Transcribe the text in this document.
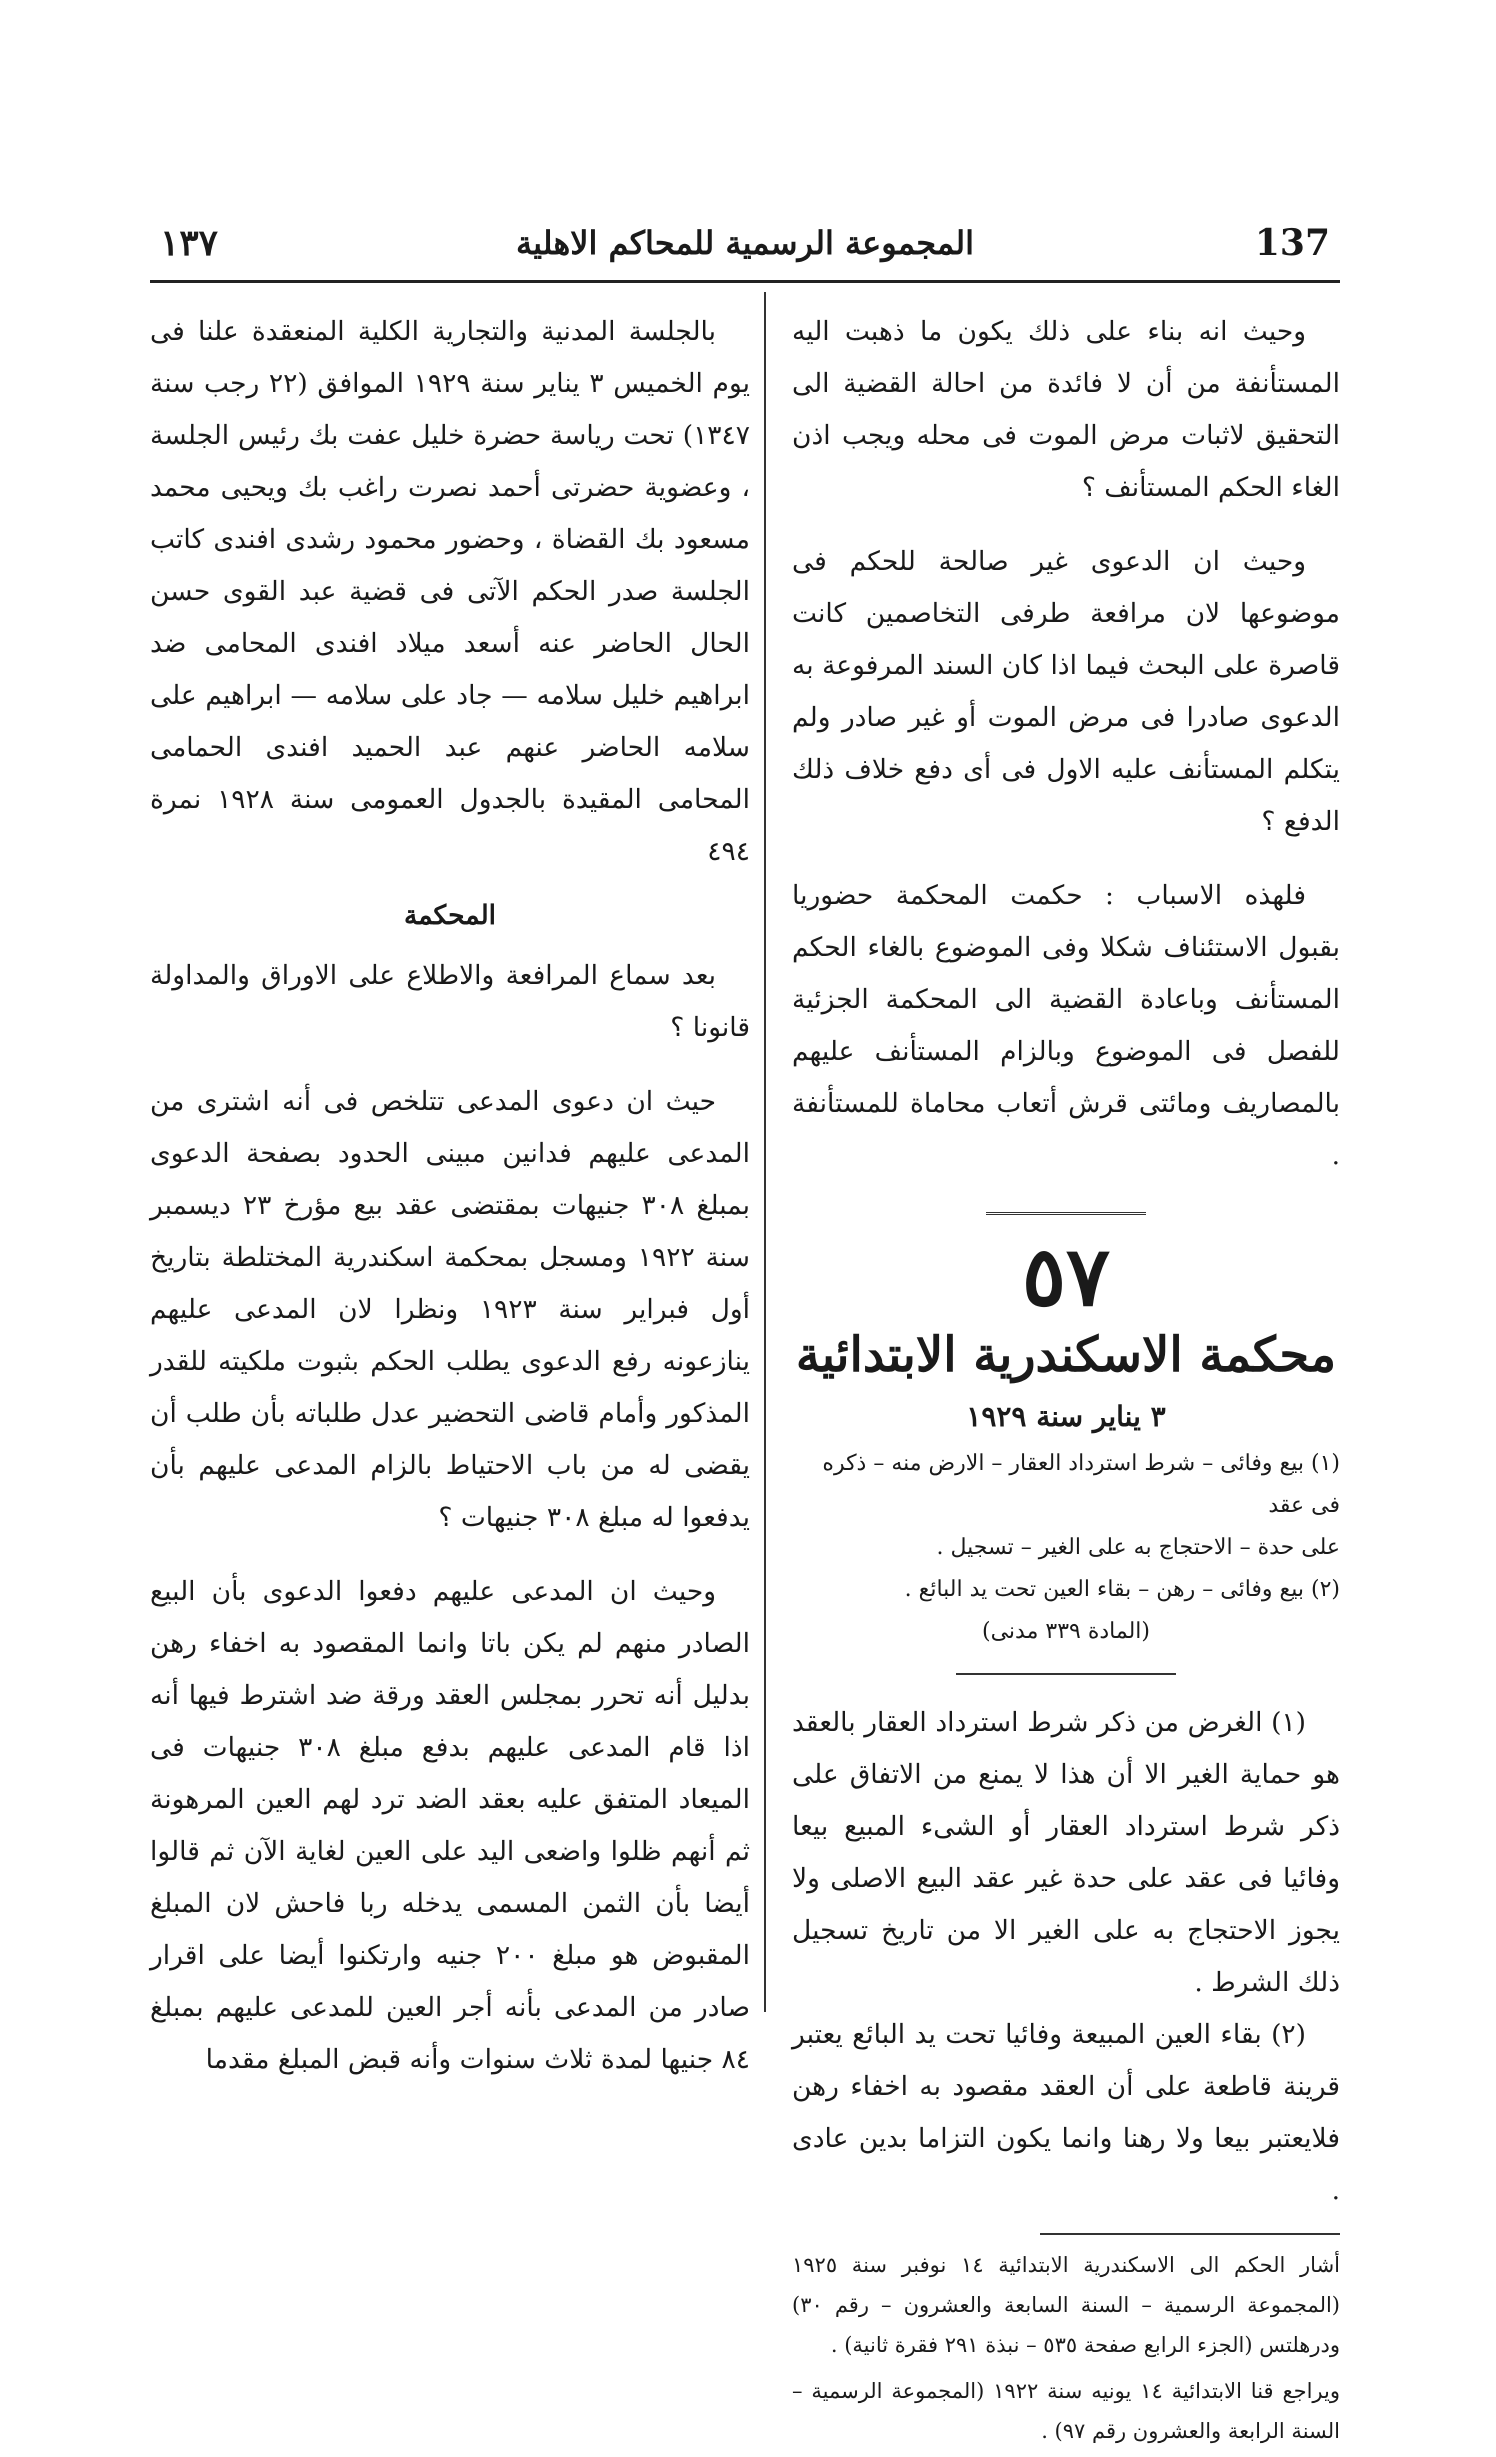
١٣٧	المجموعة الرسمية للمحاكم الاهلية	137

وحيث انه بناء على ذلك يكون ما ذهبت اليه المستأنفة من أن لا فائدة من احالة القضية الى التحقيق لاثبات مرض الموت فى محله ويجب اذن الغاء الحكم المستأنف ؟

وحيث ان الدعوى غير صالحة للحكم فى موضوعها لان مرافعة طرفى التخاصمين كانت قاصرة على البحث فيما اذا كان السند المرفوعة به الدعوى صادرا فى مرض الموت أو غير صادر ولم يتكلم المستأنف عليه الاول فى أى دفع خلاف ذلك الدفع ؟

فلهذه الاسباب : حكمت المحكمة حضوريا بقبول الاستئناف شكلا وفى الموضوع بالغاء الحكم المستأنف وباعادة القضية الى المحكمة الجزئية للفصل فى الموضوع وبالزام المستأنف عليهم بالمصاريف ومائتى قرش أتعاب محاماة للمستأنفة .

٥٧

محكمة الاسكندرية الابتدائية

٣ يناير سنة ١٩٢٩

(١) بيع وفائى – شرط استرداد العقار – الارض منه – ذكره فى عقد

على حدة – الاحتجاج به على الغير – تسجيل .

(٢) بيع وفائى – رهن – بقاء العين تحت يد البائع .

(المادة ٣٣٩ مدنى)

(١) الغرض من ذكر شرط استرداد العقار بالعقد هو حماية الغير الا أن هذا لا يمنع من الاتفاق على ذكر شرط استرداد العقار أو الشىء المبيع بيعا وفائيا فى عقد على حدة غير عقد البيع الاصلى ولا يجوز الاحتجاج به على الغير الا من تاريخ تسجيل ذلك الشرط .

(٢) بقاء العين المبيعة وفائيا تحت يد البائع يعتبر قرينة قاطعة على أن العقد مقصود به اخفاء رهن فلايعتبر بيعا ولا رهنا وانما يكون التزاما بدين عادى .

أشار الحكم الى الاسكندرية الابتدائية ١٤ نوفبر سنة ١٩٢٥ (المجموعة الرسمية – السنة السابعة والعشرون – رقم ٣٠) ودرهلتس (الجزء الرابع صفحة ٥٣٥ – نبذة ٢٩١ فقرة ثانية) .

ويراجع قنا الابتدائية ١٤ يونيه سنة ١٩٢٢ (المجموعة الرسمية – السنة الرابعة والعشرون رقم ٩٧) .

بالجلسة المدنية والتجارية الكلية المنعقدة علنا فى يوم الخميس ٣ يناير سنة ١٩٢٩ الموافق (٢٢ رجب سنة ١٣٤٧) تحت رياسة حضرة خليل عفت بك رئيس الجلسة ، وعضوية حضرتى أحمد نصرت راغب بك ويحيى محمد مسعود بك القضاة ، وحضور محمود رشدى افندى كاتب الجلسة صدر الحكم الآتى فى قضية عبد القوى حسن الحال الحاضر عنه أسعد ميلاد افندى المحامى ضد ابراهيم خليل سلامه — جاد على سلامه — ابراهيم على سلامه الحاضر عنهم عبد الحميد افندى الحمامى المحامى المقيدة بالجدول العمومى سنة ١٩٢٨ نمرة ٤٩٤

المحكمة

بعد سماع المرافعة والاطلاع على الاوراق والمداولة قانونا ؟

حيث ان دعوى المدعى تتلخص فى أنه اشترى من المدعى عليهم فدانين مبينى الحدود بصفحة الدعوى بمبلغ ٣٠٨ جنيهات بمقتضى عقد بيع مؤرخ ٢٣ ديسمبر سنة ١٩٢٢ ومسجل بمحكمة اسكندرية المختلطة بتاريخ أول فبراير سنة ١٩٢٣ ونظرا لان المدعى عليهم ينازعونه رفع الدعوى يطلب الحكم بثبوت ملكيته للقدر المذكور وأمام قاضى التحضير عدل طلباته بأن طلب أن يقضى له من باب الاحتياط بالزام المدعى عليهم بأن يدفعوا له مبلغ ٣٠٨ جنيهات ؟

وحيث ان المدعى عليهم دفعوا الدعوى بأن البيع الصادر منهم لم يكن باتا وانما المقصود به اخفاء رهن بدليل أنه تحرر بمجلس العقد ورقة ضد اشترط فيها أنه اذا قام المدعى عليهم بدفع مبلغ ٣٠٨ جنيهات فى الميعاد المتفق عليه بعقد الضد ترد لهم العين المرهونة ثم أنهم ظلوا واضعى اليد على العين لغاية الآن ثم قالوا أيضا بأن الثمن المسمى يدخله ربا فاحش لان المبلغ المقبوض هو مبلغ ٢٠٠ جنيه وارتكنوا أيضا على اقرار صادر من المدعى بأنه أجر العين للمدعى عليهم بمبلغ ٨٤ جنيها لمدة ثلاث سنوات وأنه قبض المبلغ مقدما
